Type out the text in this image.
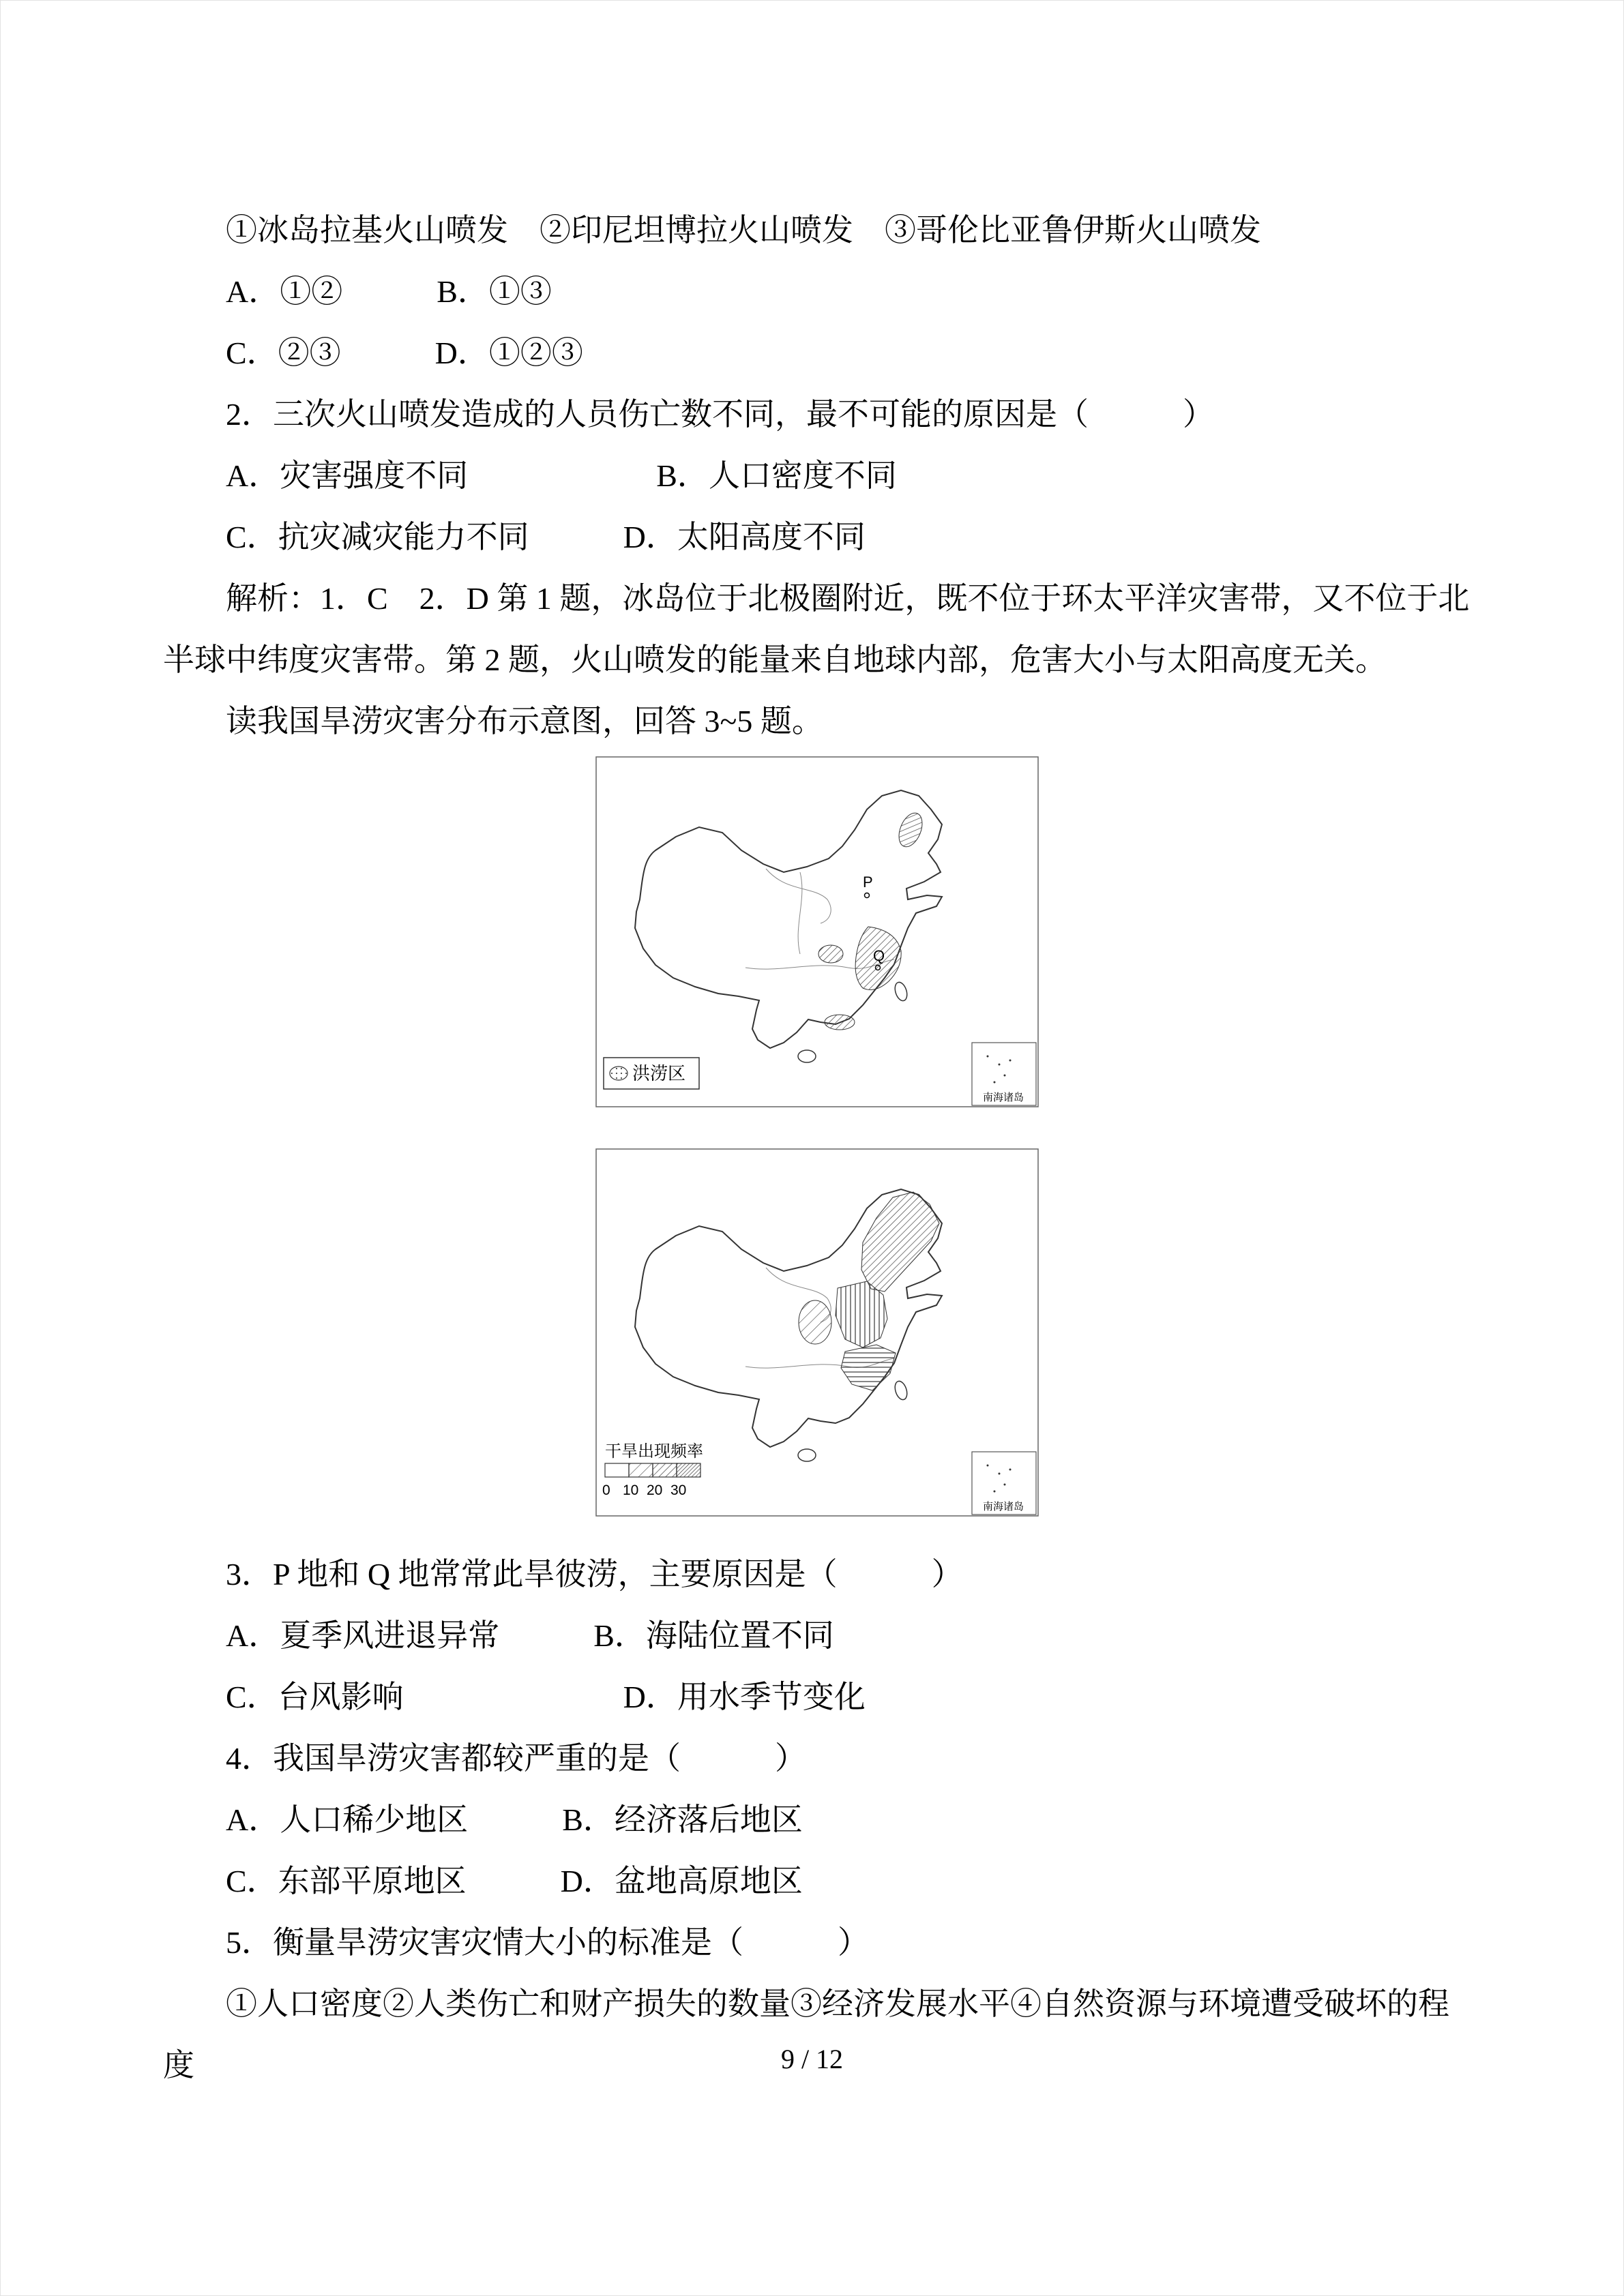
①冰岛拉基火山喷发　②印尼坦博拉火山喷发　③哥伦比亚鲁伊斯火山喷发

A．①②　　　B．①③

C．②③　　　D．①②③

2．三次火山喷发造成的人员伤亡数不同，最不可能的原因是（　　　）

A．灾害强度不同　　　　　　B．人口密度不同

C．抗灾减灾能力不同　　　D．太阳高度不同

解析：1．C　2．D 第 1 题，冰岛位于北极圈附近，既不位于环太平洋灾害带，又不位于北半球中纬度灾害带。第 2 题，火山喷发的能量来自地球内部，危害大小与太阳高度无关。

读我国旱涝灾害分布示意图，回答 3~5 题。

P
Q
洪涝区
南海诸岛
干旱出现频率
0 10 20 30
南海诸岛

3．P 地和 Q 地常常此旱彼涝，主要原因是（　　　）

A．夏季风进退异常　　　B．海陆位置不同

C．台风影响　　　　　　　D．用水季节变化

4．我国旱涝灾害都较严重的是（　　　）

A．人口稀少地区　　　B．经济落后地区

C．东部平原地区　　　D．盆地高原地区

5．衡量旱涝灾害灾情大小的标准是（　　　）

①人口密度②人类伤亡和财产损失的数量③经济发展水平④自然资源与环境遭受破坏的程度	9 / 12
